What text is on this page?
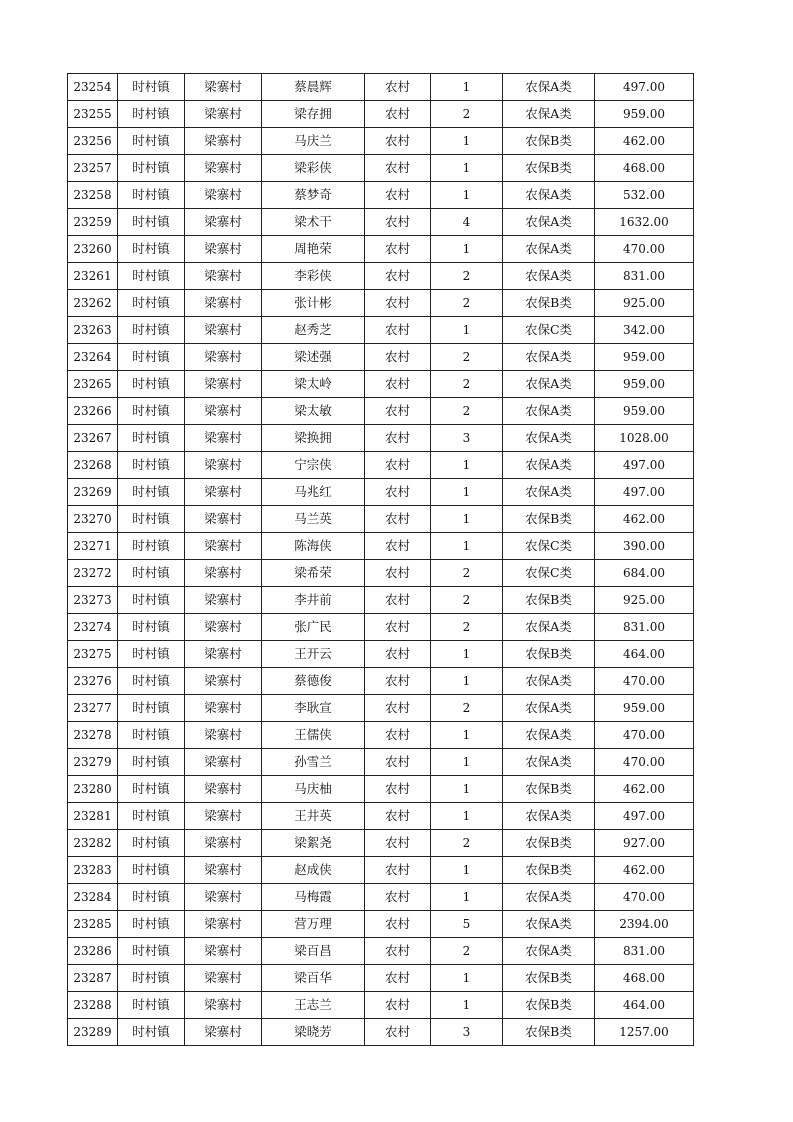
23254	时村镇	梁寨村	蔡晨辉	农村	1	农保A类	497.00
23255	时村镇	梁寨村	梁存拥	农村	2	农保A类	959.00
23256	时村镇	梁寨村	马庆兰	农村	1	农保B类	462.00
23257	时村镇	梁寨村	梁彩侠	农村	1	农保B类	468.00
23258	时村镇	梁寨村	蔡梦奇	农村	1	农保A类	532.00
23259	时村镇	梁寨村	梁术干	农村	4	农保A类	1632.00
23260	时村镇	梁寨村	周艳荣	农村	1	农保A类	470.00
23261	时村镇	梁寨村	李彩侠	农村	2	农保A类	831.00
23262	时村镇	梁寨村	张计彬	农村	2	农保B类	925.00
23263	时村镇	梁寨村	赵秀芝	农村	1	农保C类	342.00
23264	时村镇	梁寨村	梁述强	农村	2	农保A类	959.00
23265	时村镇	梁寨村	梁太岭	农村	2	农保A类	959.00
23266	时村镇	梁寨村	梁太敏	农村	2	农保A类	959.00
23267	时村镇	梁寨村	梁换拥	农村	3	农保A类	1028.00
23268	时村镇	梁寨村	宁宗侠	农村	1	农保A类	497.00
23269	时村镇	梁寨村	马兆红	农村	1	农保A类	497.00
23270	时村镇	梁寨村	马兰英	农村	1	农保B类	462.00
23271	时村镇	梁寨村	陈海侠	农村	1	农保C类	390.00
23272	时村镇	梁寨村	梁希荣	农村	2	农保C类	684.00
23273	时村镇	梁寨村	李井前	农村	2	农保B类	925.00
23274	时村镇	梁寨村	张广民	农村	2	农保A类	831.00
23275	时村镇	梁寨村	王开云	农村	1	农保B类	464.00
23276	时村镇	梁寨村	蔡德俊	农村	1	农保A类	470.00
23277	时村镇	梁寨村	李耿宣	农村	2	农保A类	959.00
23278	时村镇	梁寨村	王儒侠	农村	1	农保A类	470.00
23279	时村镇	梁寨村	孙雪兰	农村	1	农保A类	470.00
23280	时村镇	梁寨村	马庆柚	农村	1	农保B类	462.00
23281	时村镇	梁寨村	王井英	农村	1	农保A类	497.00
23282	时村镇	梁寨村	梁絮尧	农村	2	农保B类	927.00
23283	时村镇	梁寨村	赵成侠	农村	1	农保B类	462.00
23284	时村镇	梁寨村	马梅霞	农村	1	农保A类	470.00
23285	时村镇	梁寨村	营万理	农村	5	农保A类	2394.00
23286	时村镇	梁寨村	梁百昌	农村	2	农保A类	831.00
23287	时村镇	梁寨村	梁百华	农村	1	农保B类	468.00
23288	时村镇	梁寨村	王志兰	农村	1	农保B类	464.00
23289	时村镇	梁寨村	梁晓芳	农村	3	农保B类	1257.00
